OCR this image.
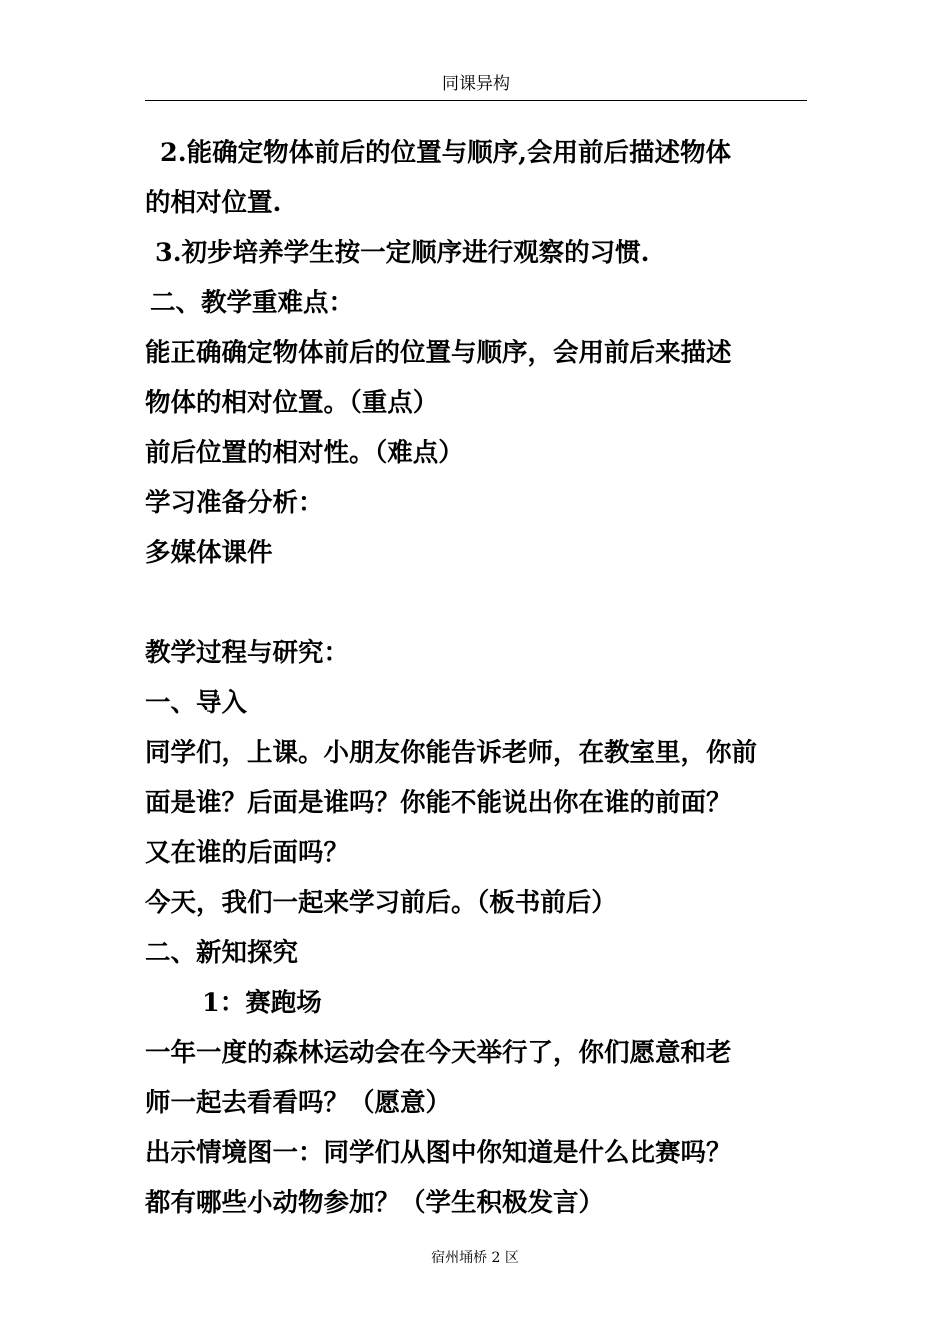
同课异构
2.能确定物体前后的位置与顺序,会用前后描述物体
的相对位置.
3.初步培养学生按一定顺序进行观察的习惯.
二、教学重难点：
能正确确定物体前后的位置与顺序，会用前后来描述
物体的相对位置。（重点）
前后位置的相对性。（难点）
学习准备分析：
多媒体课件
教学过程与研究：
一、导入
同学们，上课。小朋友你能告诉老师，在教室里，你前
面是谁？后面是谁吗？你能不能说出你在谁的前面？
又在谁的后面吗？
今天，我们一起来学习前后。（板书前后）
二、新知探究
1：赛跑场
一年一度的森林运动会在今天举行了，你们愿意和老
师一起去看看吗？（愿意）
出示情境图一：同学们从图中你知道是什么比赛吗？
都有哪些小动物参加？（学生积极发言）
宿州埇桥 2 区
